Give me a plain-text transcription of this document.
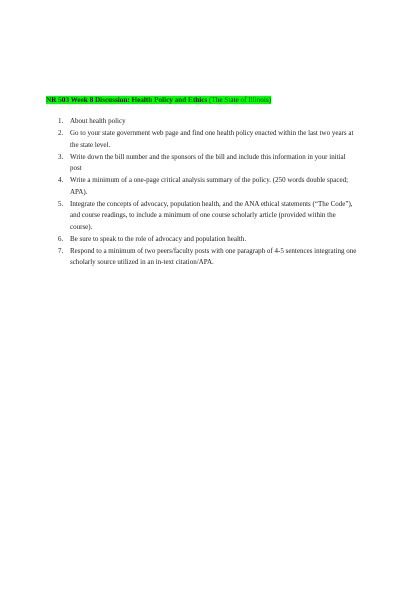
NR 503 Week 8 Discussion: Health Policy and Ethics (The State of Illinois)
1. About health policy
2. Go to your state government web page and find one health policy enacted within the last two years at the state level.
3. Write down the bill number and the sponsors of the bill and include this information in your initial post
4. Write a minimum of a one-page critical analysis summary of the policy. (250 words double spaced; APA).
5. Integrate the concepts of advocacy, population health, and the ANA ethical statements (“The Code”), and course readings, to include a minimum of one course scholarly article (provided within the course).
6. Be sure to speak to the role of advocacy and population health.
7. Respond to a minimum of two peers/faculty posts with one paragraph of 4-5 sentences integrating one scholarly source utilized in an in-text citation/APA.
